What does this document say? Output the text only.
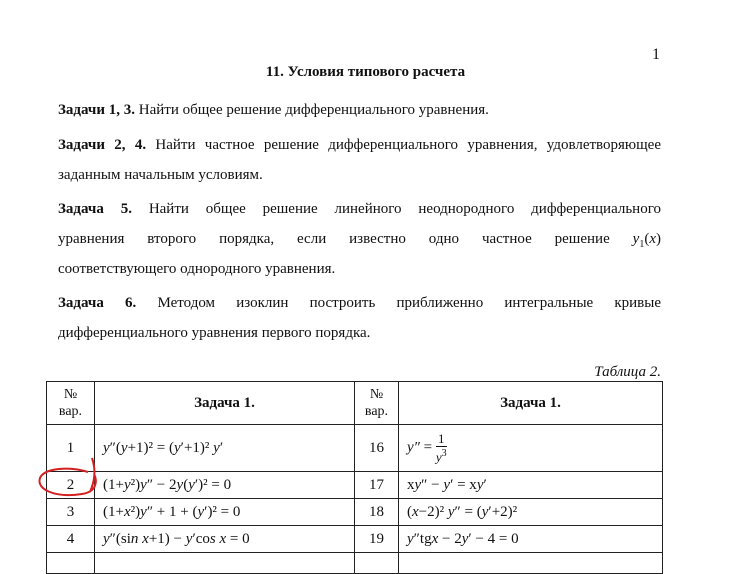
1
11. Условия типового расчета
Задачи 1, 3. Найти общее решение дифференциального уравнения.
Задачи 2, 4. Найти частное решение дифференциального уравнения, удовлетворяющее
заданным начальным условиям.
Задача 5. Найти общее решение линейного неоднородного дифференциального
уравнения второго порядка, если известно одно частное решение $y_1(x)$
соответствующего однородного уравнения.
Задача 6. Методом изоклин построить приближенно интегральные кривые
дифференциального уравнения первого порядка.
Таблица 2.
№
вар.	Задача 1.	№
вар.	Задача 1.
1	y″(y+1)² = (y′+1)² y′	16	$y'' = \frac{1}{y^3}$

2	(1+y²)y″ − 2y(y′)² = 0	17	xy″ − y′ = xy′
3	(1+x²)y″ + 1 + (y′)² = 0	18	(x−2)² y″ = (y′+2)²
4	y″(sin x+1) − y′cos x = 0	19	y″tgx − 2y′ − 4 = 0
